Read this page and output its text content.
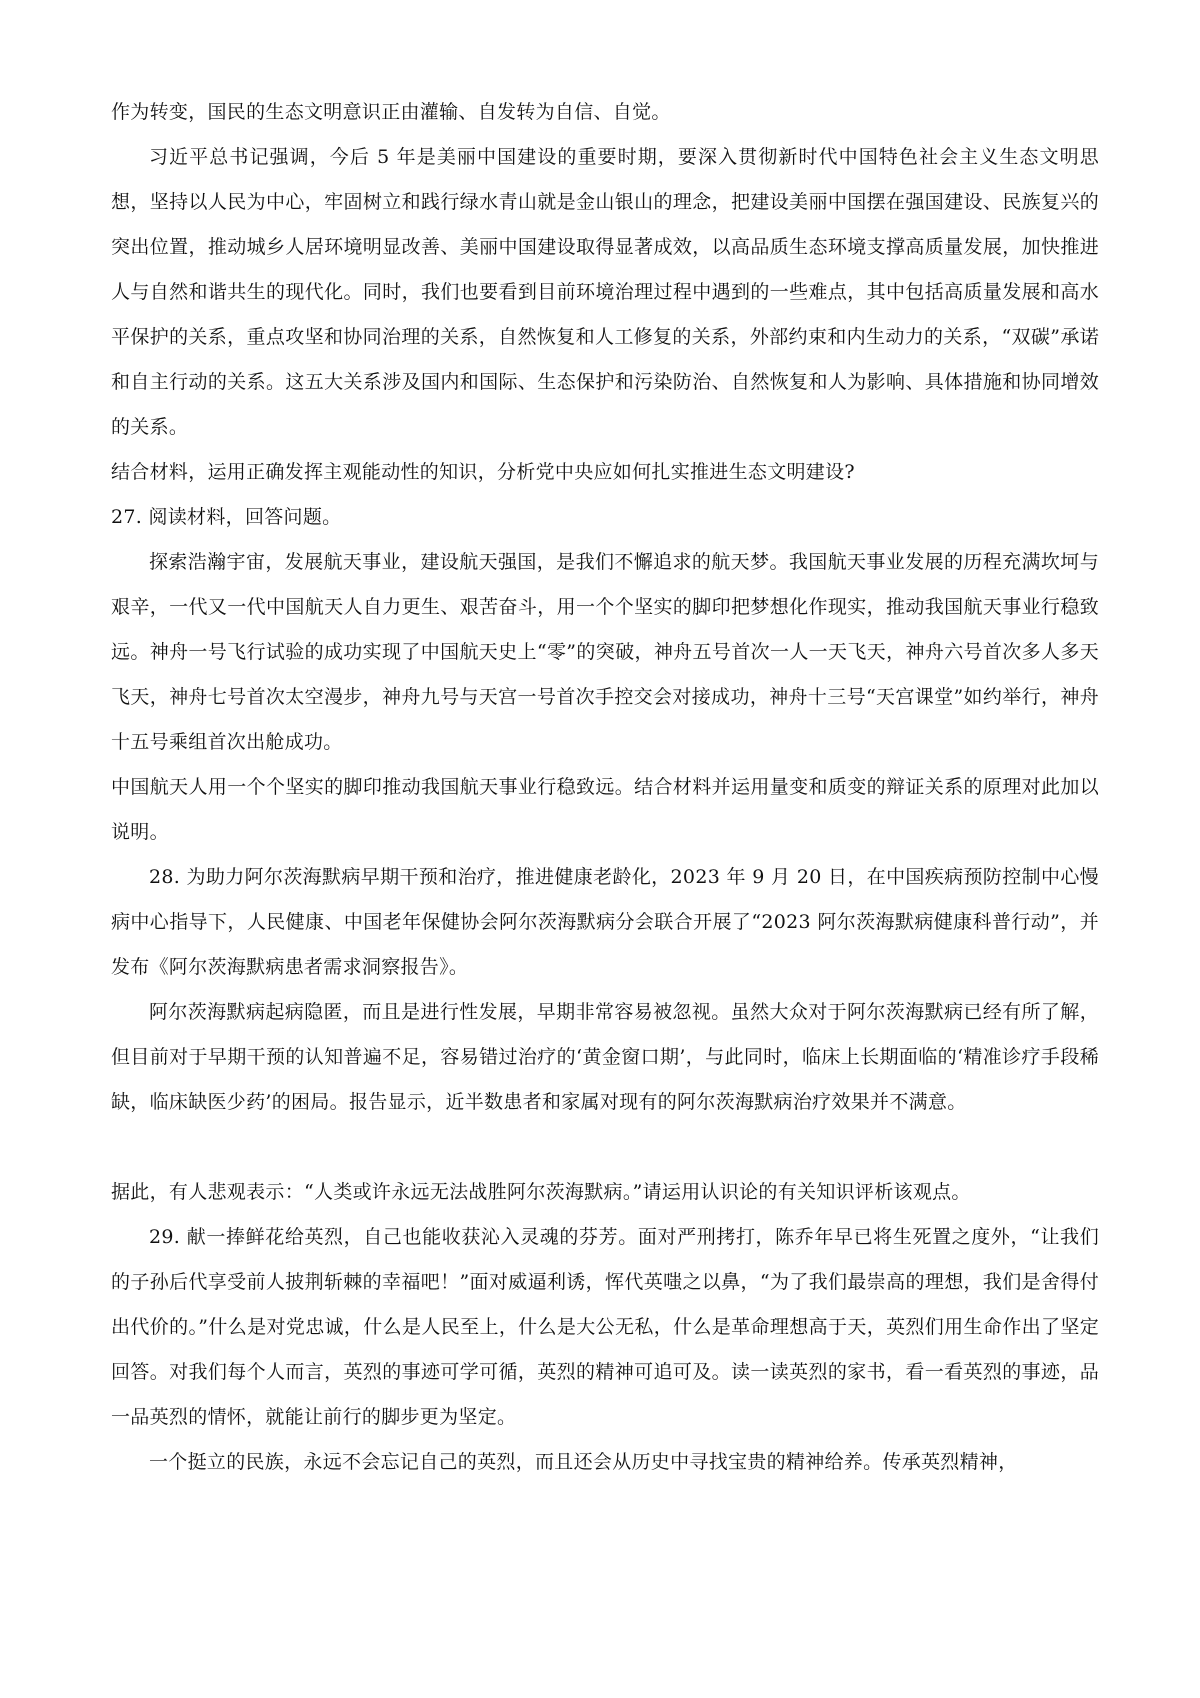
作为转变，国民的生态文明意识正由灌输、自发转为自信、自觉。

习近平总书记强调，今后 5 年是美丽中国建设的重要时期，要深入贯彻新时代中国特色社会主义生态文明思想，坚持以人民为中心，牢固树立和践行绿水青山就是金山银山的理念，把建设美丽中国摆在强国建设、民族复兴的突出位置，推动城乡人居环境明显改善、美丽中国建设取得显著成效，以高品质生态环境支撑高质量发展，加快推进人与自然和谐共生的现代化。同时，我们也要看到目前环境治理过程中遇到的一些难点，其中包括高质量发展和高水平保护的关系，重点攻坚和协同治理的关系，自然恢复和人工修复的关系，外部约束和内生动力的关系，“双碳”承诺和自主行动的关系。这五大关系涉及国内和国际、生态保护和污染防治、自然恢复和人为影响、具体措施和协同增效的关系。

结合材料，运用正确发挥主观能动性的知识，分析党中央应如何扎实推进生态文明建设?

27. 阅读材料，回答问题。

探索浩瀚宇宙，发展航天事业，建设航天强国，是我们不懈追求的航天梦。我国航天事业发展的历程充满坎坷与艰辛，一代又一代中国航天人自力更生、艰苦奋斗，用一个个坚实的脚印把梦想化作现实，推动我国航天事业行稳致远。神舟一号飞行试验的成功实现了中国航天史上“零”的突破，神舟五号首次一人一天飞天，神舟六号首次多人多天飞天，神舟七号首次太空漫步，神舟九号与天宫一号首次手控交会对接成功，神舟十三号“天宫课堂”如约举行，神舟十五号乘组首次出舱成功。

中国航天人用一个个坚实的脚印推动我国航天事业行稳致远。结合材料并运用量变和质变的辩证关系的原理对此加以说明。

28. 为助力阿尔茨海默病早期干预和治疗，推进健康老龄化，2023 年 9 月 20 日，在中国疾病预防控制中心慢病中心指导下，人民健康、中国老年保健协会阿尔茨海默病分会联合开展了“2023 阿尔茨海默病健康科普行动”，并发布《阿尔茨海默病患者需求洞察报告》。

阿尔茨海默病起病隐匿，而且是进行性发展，早期非常容易被忽视。虽然大众对于阿尔茨海默病已经有所了解，但目前对于早期干预的认知普遍不足，容易错过治疗的‘黄金窗口期’，与此同时，临床上长期面临的‘精准诊疗手段稀缺，临床缺医少药’的困局。报告显示，近半数患者和家属对现有的阿尔茨海默病治疗效果并不满意。

据此，有人悲观表示：“人类或许永远无法战胜阿尔茨海默病。”请运用认识论的有关知识评析该观点。

29. 献一捧鲜花给英烈，自己也能收获沁入灵魂的芬芳。面对严刑拷打，陈乔年早已将生死置之度外，“让我们的子孙后代享受前人披荆斩棘的幸福吧！”面对威逼利诱，恽代英嗤之以鼻，“为了我们最崇高的理想，我们是舍得付出代价的。”什么是对党忠诚，什么是人民至上，什么是大公无私，什么是革命理想高于天，英烈们用生命作出了坚定回答。对我们每个人而言，英烈的事迹可学可循，英烈的精神可追可及。读一读英烈的家书，看一看英烈的事迹，品一品英烈的情怀，就能让前行的脚步更为坚定。

一个挺立的民族，永远不会忘记自己的英烈，而且还会从历史中寻找宝贵的精神给养。传承英烈精神，
